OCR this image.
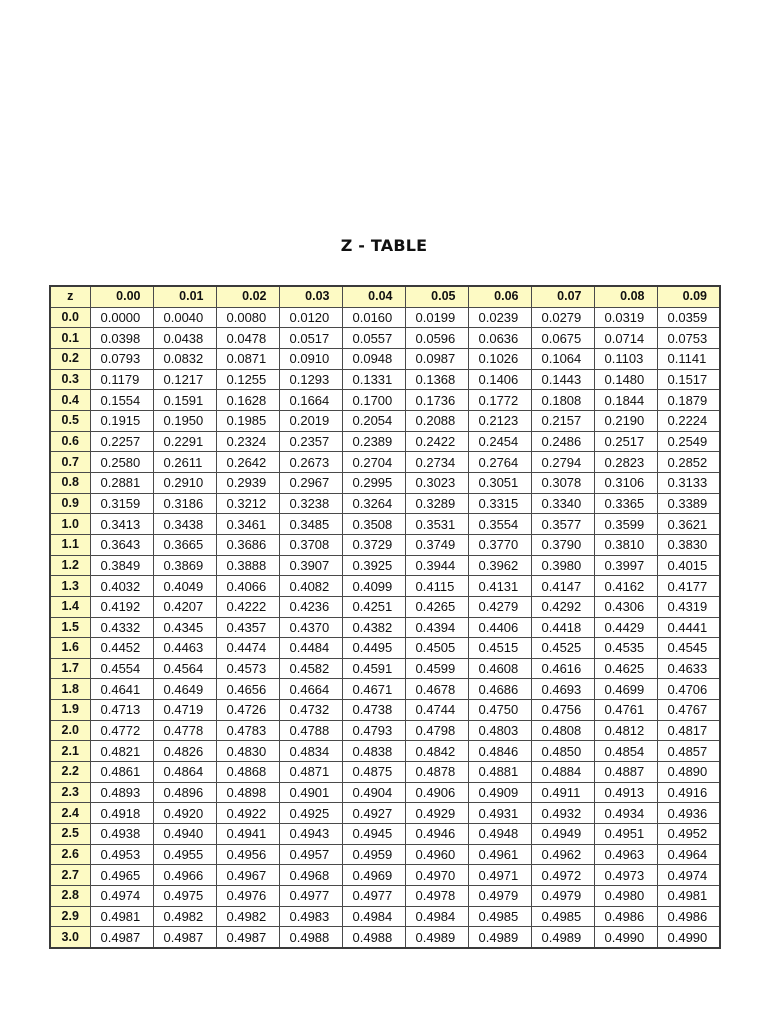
Z - TABLE
z	0.00	0.01	0.02	0.03	0.04	0.05	0.06	0.07	0.08	0.09
0.0	0.0000	0.0040	0.0080	0.0120	0.0160	0.0199	0.0239	0.0279	0.0319	0.0359
0.1	0.0398	0.0438	0.0478	0.0517	0.0557	0.0596	0.0636	0.0675	0.0714	0.0753
0.2	0.0793	0.0832	0.0871	0.0910	0.0948	0.0987	0.1026	0.1064	0.1103	0.1141
0.3	0.1179	0.1217	0.1255	0.1293	0.1331	0.1368	0.1406	0.1443	0.1480	0.1517
0.4	0.1554	0.1591	0.1628	0.1664	0.1700	0.1736	0.1772	0.1808	0.1844	0.1879
0.5	0.1915	0.1950	0.1985	0.2019	0.2054	0.2088	0.2123	0.2157	0.2190	0.2224
0.6	0.2257	0.2291	0.2324	0.2357	0.2389	0.2422	0.2454	0.2486	0.2517	0.2549
0.7	0.2580	0.2611	0.2642	0.2673	0.2704	0.2734	0.2764	0.2794	0.2823	0.2852
0.8	0.2881	0.2910	0.2939	0.2967	0.2995	0.3023	0.3051	0.3078	0.3106	0.3133
0.9	0.3159	0.3186	0.3212	0.3238	0.3264	0.3289	0.3315	0.3340	0.3365	0.3389
1.0	0.3413	0.3438	0.3461	0.3485	0.3508	0.3531	0.3554	0.3577	0.3599	0.3621
1.1	0.3643	0.3665	0.3686	0.3708	0.3729	0.3749	0.3770	0.3790	0.3810	0.3830
1.2	0.3849	0.3869	0.3888	0.3907	0.3925	0.3944	0.3962	0.3980	0.3997	0.4015
1.3	0.4032	0.4049	0.4066	0.4082	0.4099	0.4115	0.4131	0.4147	0.4162	0.4177
1.4	0.4192	0.4207	0.4222	0.4236	0.4251	0.4265	0.4279	0.4292	0.4306	0.4319
1.5	0.4332	0.4345	0.4357	0.4370	0.4382	0.4394	0.4406	0.4418	0.4429	0.4441
1.6	0.4452	0.4463	0.4474	0.4484	0.4495	0.4505	0.4515	0.4525	0.4535	0.4545
1.7	0.4554	0.4564	0.4573	0.4582	0.4591	0.4599	0.4608	0.4616	0.4625	0.4633
1.8	0.4641	0.4649	0.4656	0.4664	0.4671	0.4678	0.4686	0.4693	0.4699	0.4706
1.9	0.4713	0.4719	0.4726	0.4732	0.4738	0.4744	0.4750	0.4756	0.4761	0.4767
2.0	0.4772	0.4778	0.4783	0.4788	0.4793	0.4798	0.4803	0.4808	0.4812	0.4817
2.1	0.4821	0.4826	0.4830	0.4834	0.4838	0.4842	0.4846	0.4850	0.4854	0.4857
2.2	0.4861	0.4864	0.4868	0.4871	0.4875	0.4878	0.4881	0.4884	0.4887	0.4890
2.3	0.4893	0.4896	0.4898	0.4901	0.4904	0.4906	0.4909	0.4911	0.4913	0.4916
2.4	0.4918	0.4920	0.4922	0.4925	0.4927	0.4929	0.4931	0.4932	0.4934	0.4936
2.5	0.4938	0.4940	0.4941	0.4943	0.4945	0.4946	0.4948	0.4949	0.4951	0.4952
2.6	0.4953	0.4955	0.4956	0.4957	0.4959	0.4960	0.4961	0.4962	0.4963	0.4964
2.7	0.4965	0.4966	0.4967	0.4968	0.4969	0.4970	0.4971	0.4972	0.4973	0.4974
2.8	0.4974	0.4975	0.4976	0.4977	0.4977	0.4978	0.4979	0.4979	0.4980	0.4981
2.9	0.4981	0.4982	0.4982	0.4983	0.4984	0.4984	0.4985	0.4985	0.4986	0.4986
3.0	0.4987	0.4987	0.4987	0.4988	0.4988	0.4989	0.4989	0.4989	0.4990	0.4990
